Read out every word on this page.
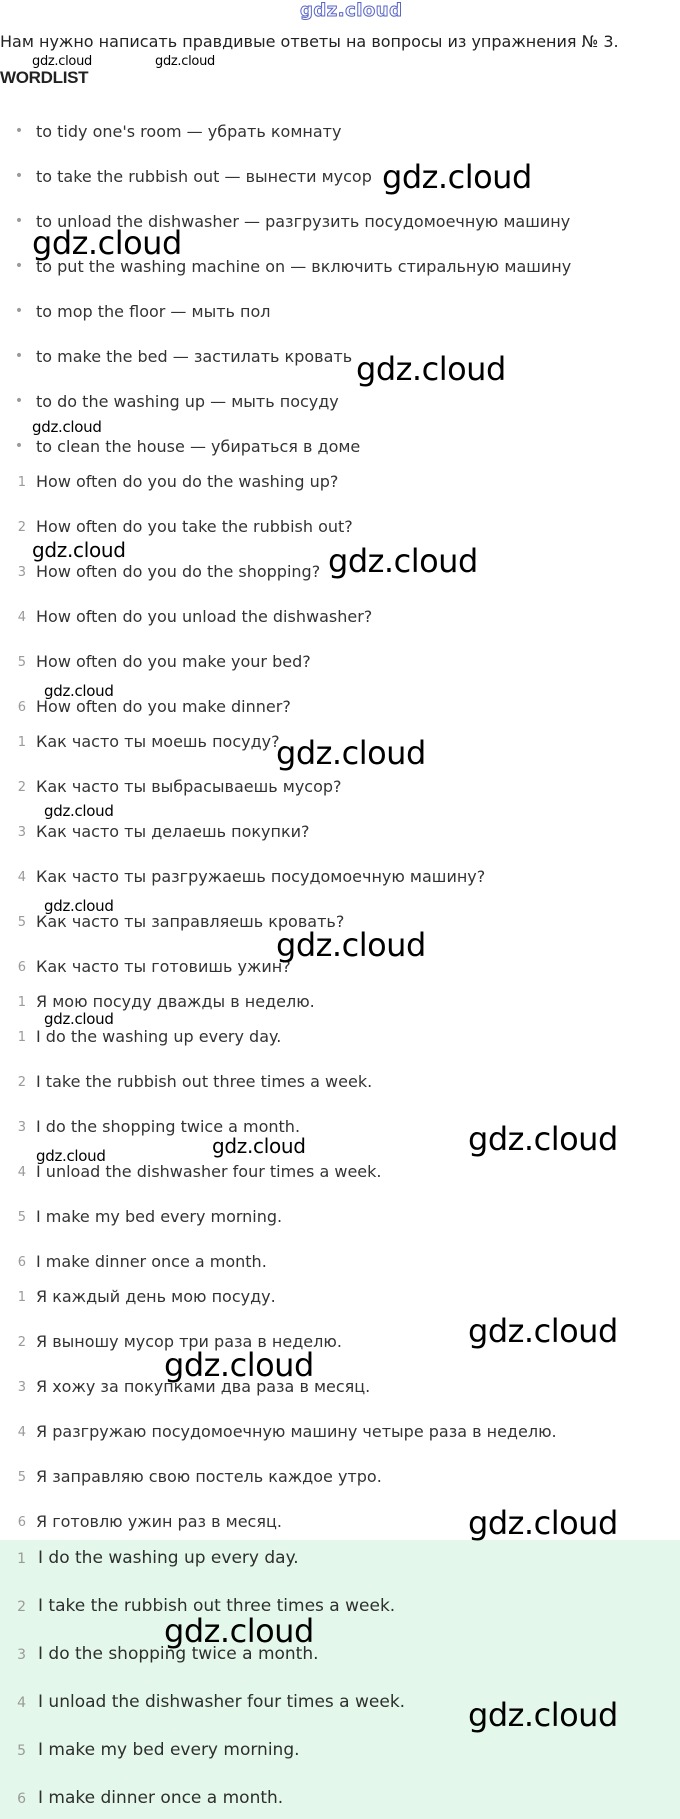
gdz.cloud
Нам нужно написать правдивые ответы на вопросы из упражнения № 3.
WORDLIST
• to tidy one's room — убрать комнату
• to take the rubbish out — вынести мусор
• to unload the dishwasher — разгрузить посудомоечную машину
• to put the washing machine on — включить стиральную машину
• to mop the floor — мыть пол
• to make the bed — застилать кровать
• to do the washing up — мыть посуду
• to clean the house — убираться в доме
1 How often do you do the washing up?
2 How often do you take the rubbish out?
3 How often do you do the shopping?
4 How often do you unload the dishwasher?
5 How often do you make your bed?
6 How often do you make dinner?
1 Как часто ты моешь посуду?
2 Как часто ты выбрасываешь мусор?
3 Как часто ты делаешь покупки?
4 Как часто ты разгружаешь посудомоечную машину?
5 Как часто ты заправляешь кровать?
6 Как часто ты готовишь ужин?
1 Я мою посуду дважды в неделю.
1 I do the washing up every day.
2 I take the rubbish out three times a week.
3 I do the shopping twice a month.
4 I unload the dishwasher four times a week.
5 I make my bed every morning.
6 I make dinner once a month.
1 Я каждый день мою посуду.
2 Я выношу мусор три раза в неделю.
3 Я хожу за покупками два раза в месяц.
4 Я разгружаю посудомоечную машину четыре раза в неделю.
5 Я заправляю свою постель каждое утро.
6 Я готовлю ужин раз в месяц.
1 I do the washing up every day.
2 I take the rubbish out three times a week.
3 I do the shopping twice a month.
4 I unload the dishwasher four times a week.
5 I make my bed every morning.
6 I make dinner once a month.
gdz.cloud	gdz.cloud
gdz.cloud
gdz.cloud
gdz.cloud
gdz.cloud
gdz.cloud	gdz.cloud
gdz.cloud
gdz.cloud
gdz.cloud
gdz.cloud
gdz.cloud
gdz.cloud
gdz.cloud
gdz.cloud	gdz.cloud
gdz.cloud
gdz.cloud
gdz.cloud
gdz.cloud
gdz.cloud
